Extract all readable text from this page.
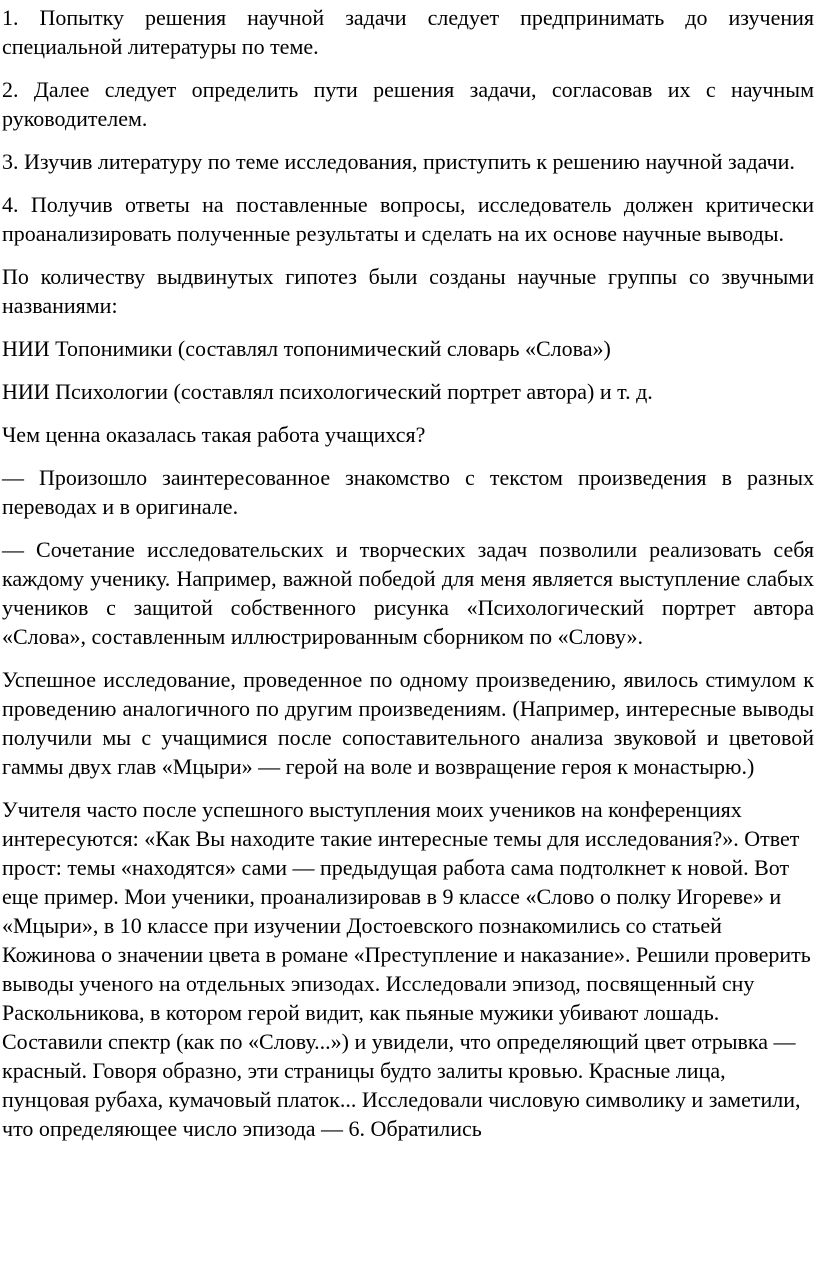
1. Попытку решения научной задачи следует предпринимать до изучения специальной литературы по теме.

2. Далее следует определить пути решения задачи, согласовав их с научным руководителем.

3. Изучив литературу по теме исследования, приступить к решению научной задачи.

4. Получив ответы на поставленные вопросы, исследователь должен критически проанализировать полученные результаты и сделать на их основе научные выводы.

По количеству выдвинутых гипотез были созданы научные группы со звучными названиями:

НИИ Топонимики (составлял топонимический словарь «Слова»)

НИИ Психологии (составлял психологический портрет автора) и т. д.

Чем ценна оказалась такая работа учащихся?

— Произошло заинтересованное знакомство с текстом произведения в разных переводах и в оригинале.

— Сочетание исследовательских и творческих задач позволили реализовать себя каждому ученику. Например, важной победой для меня является выступление слабых учеников с защитой собственного рисунка «Психологический портрет автора «Слова», составленным иллюстрированным сборником по «Слову».

Успешное исследование, проведенное по одному произведению, явилось стимулом к проведению аналогичного по другим произведениям. (Например, интересные выводы получили мы с учащимися после сопоставительного анализа звуковой и цветовой гаммы двух глав «Мцыри» — герой на воле и возвращение героя к монастырю.)

Учителя часто после успешного выступления моих учеников на конференциях интересуются: «Как Вы находите такие интересные темы для исследования?». Ответ прост: темы «находятся» сами — предыдущая работа сама подтолкнет к новой. Вот еще пример. Мои ученики, проанализировав в 9 классе «Слово о полку Игореве» и «Мцыри», в 10 классе при изучении Достоевского познакомились со статьей Кожинова о значении цвета в романе «Преступление и наказание». Решили проверить выводы ученого на отдельных эпизодах. Исследовали эпизод, посвященный сну Раскольникова, в котором герой видит, как пьяные мужики убивают лошадь. Составили спектр (как по «Слову...») и увидели, что определяющий цвет отрывка — красный. Говоря образно, эти страницы будто залиты кровью. Красные лица, пунцовая рубаха, кумачовый платок... Исследовали числовую символику и заметили, что определяющее число эпизода — 6. Обратились
